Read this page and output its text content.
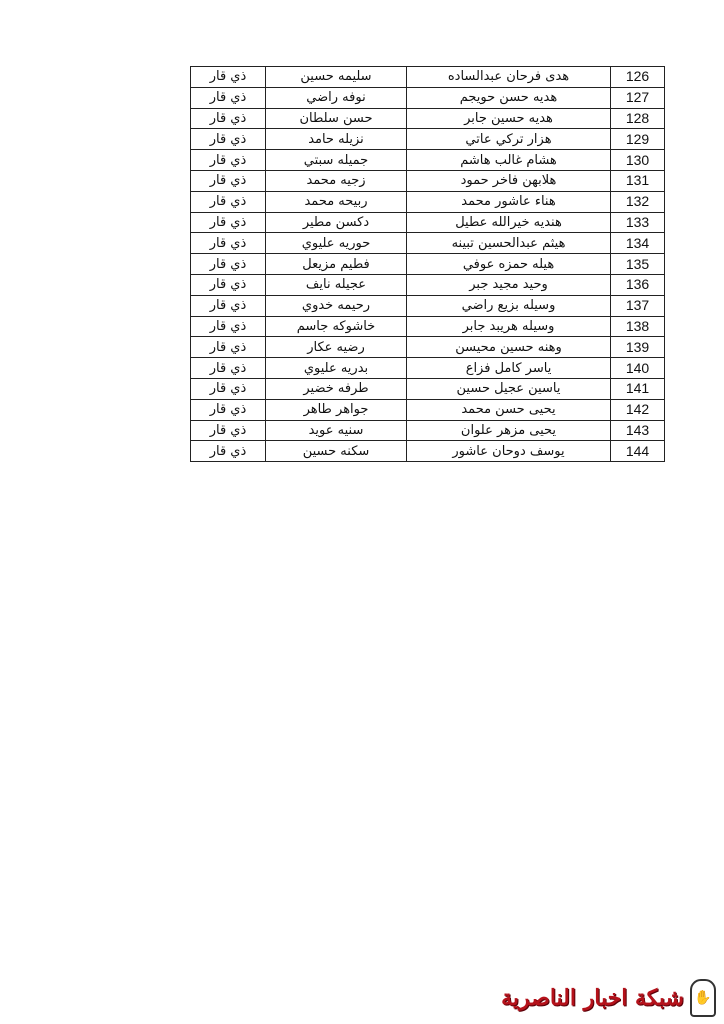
ذي قار	سليمه حسين	هدى فرحان عبدالساده	126
ذي قار	نوفه راضي	هديه حسن حويجم	127
ذي قار	حسن سلطان	هديه حسين جابر	128
ذي قار	نزيله حامد	هزار تركي عاتي	129
ذي قار	جميله سبتي	هشام غالب هاشم	130
ذي قار	زجيه محمد	هلابهن فاخر حمود	131
ذي قار	ربيحه محمد	هناء عاشور محمد	132
ذي قار	دكسن مطير	هنديه خيرالله عطيل	133
ذي قار	حوريه عليوي	هيثم عبدالحسين تبينه	134
ذي قار	فطيم مزيعل	هيله حمزه عوفي	135
ذي قار	عجيله نايف	وحيد مجيد جبر	136
ذي قار	رحيمه خدوي	وسيله بزيع راضي	137
ذي قار	خاشوكه جاسم	وسيله هريبد جابر	138
ذي قار	رضيه عكار	وهنه حسين محيسن	139
ذي قار	بدريه عليوي	ياسر كامل فزاع	140
ذي قار	طرفه خضير	ياسين عجيل حسين	141
ذي قار	جواهر طاهر	يحيى حسن محمد	142
ذي قار	سنيه عويد	يحيى مزهر علوان	143
ذي قار	سكنه حسين	يوسف دوحان عاشور	144
شبكة اخبار الناصرية ✋
